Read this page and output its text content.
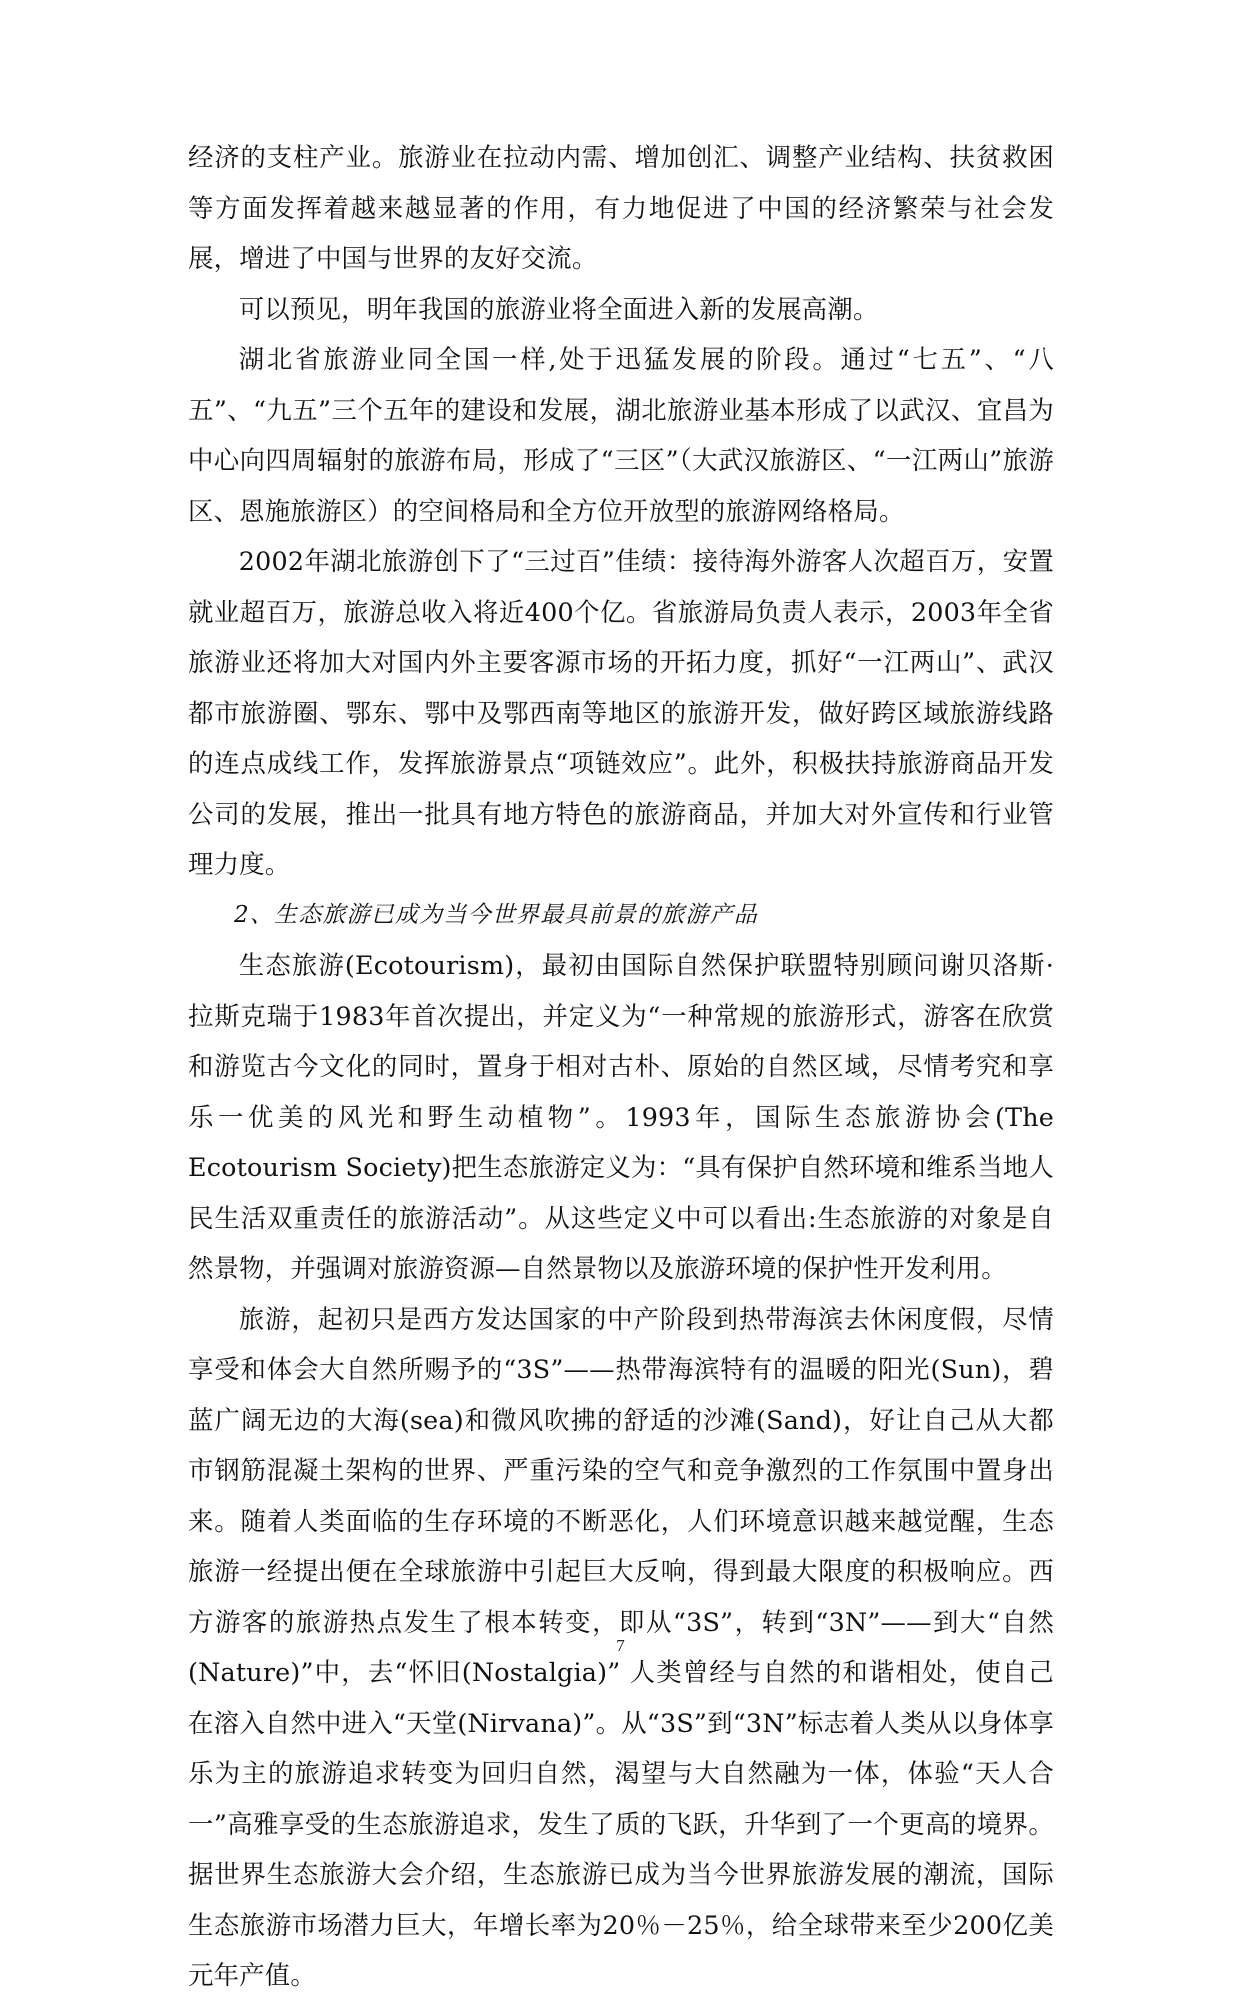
经济的支柱产业。旅游业在拉动内需、增加创汇、调整产业结构、扶贫救困等方面发挥着越来越显著的作用，有力地促进了中国的经济繁荣与社会发展，增进了中国与世界的友好交流。

可以预见，明年我国的旅游业将全面进入新的发展高潮。

湖北省旅游业同全国一样,处于迅猛发展的阶段。通过“七五”、“八五”、“九五”三个五年的建设和发展，湖北旅游业基本形成了以武汉、宜昌为中心向四周辐射的旅游布局，形成了“三区”（大武汉旅游区、“一江两山”旅游区、恩施旅游区）的空间格局和全方位开放型的旅游网络格局。

2002年湖北旅游创下了“三过百”佳绩：接待海外游客人次超百万，安置就业超百万，旅游总收入将近400个亿。省旅游局负责人表示，2003年全省旅游业还将加大对国内外主要客源市场的开拓力度，抓好“一江两山”、武汉都市旅游圈、鄂东、鄂中及鄂西南等地区的旅游开发，做好跨区域旅游线路的连点成线工作，发挥旅游景点“项链效应”。此外，积极扶持旅游商品开发公司的发展，推出一批具有地方特色的旅游商品，并加大对外宣传和行业管理力度。

2、生态旅游已成为当今世界最具前景的旅游产品

生态旅游(Ecotourism)，最初由国际自然保护联盟特别顾问谢贝洛斯·拉斯克瑞于1983年首次提出，并定义为“一种常规的旅游形式，游客在欣赏和游览古今文化的同时，置身于相对古朴、原始的自然区域，尽情考究和享乐一优美的风光和野生动植物”。1993年，国际生态旅游协会(The Ecotourism Society)把生态旅游定义为：“具有保护自然环境和维系当地人民生活双重责任的旅游活动”。从这些定义中可以看出:生态旅游的对象是自然景物，并强调对旅游资源—自然景物以及旅游环境的保护性开发利用。

旅游，起初只是西方发达国家的中产阶段到热带海滨去休闲度假，尽情享受和体会大自然所赐予的“3S”——热带海滨特有的温暖的阳光(Sun)，碧蓝广阔无边的大海(sea)和微风吹拂的舒适的沙滩(Sand)，好让自己从大都市钢筋混凝土架构的世界、严重污染的空气和竞争激烈的工作氛围中置身出来。随着人类面临的生存环境的不断恶化，人们环境意识越来越觉醒，生态旅游一经提出便在全球旅游中引起巨大反响，得到最大限度的积极响应。西方游客的旅游热点发生了根本转变，即从“3S”，转到“3N”——到大“自然(Nature)”中，去“怀旧(Nostalgia)” 人类曾经与自然的和谐相处，使自己在溶入自然中进入“天堂(Nirvana)”。从“3S”到“3N”标志着人类从以身体享乐为主的旅游追求转变为回归自然，渴望与大自然融为一体，体验“天人合一”高雅享受的生态旅游追求，发生了质的飞跃，升华到了一个更高的境界。据世界生态旅游大会介绍，生态旅游已成为当今世界旅游发展的潮流，国际生态旅游市场潜力巨大，年增长率为20％－25％，给全球带来至少200亿美元年产值。

7
